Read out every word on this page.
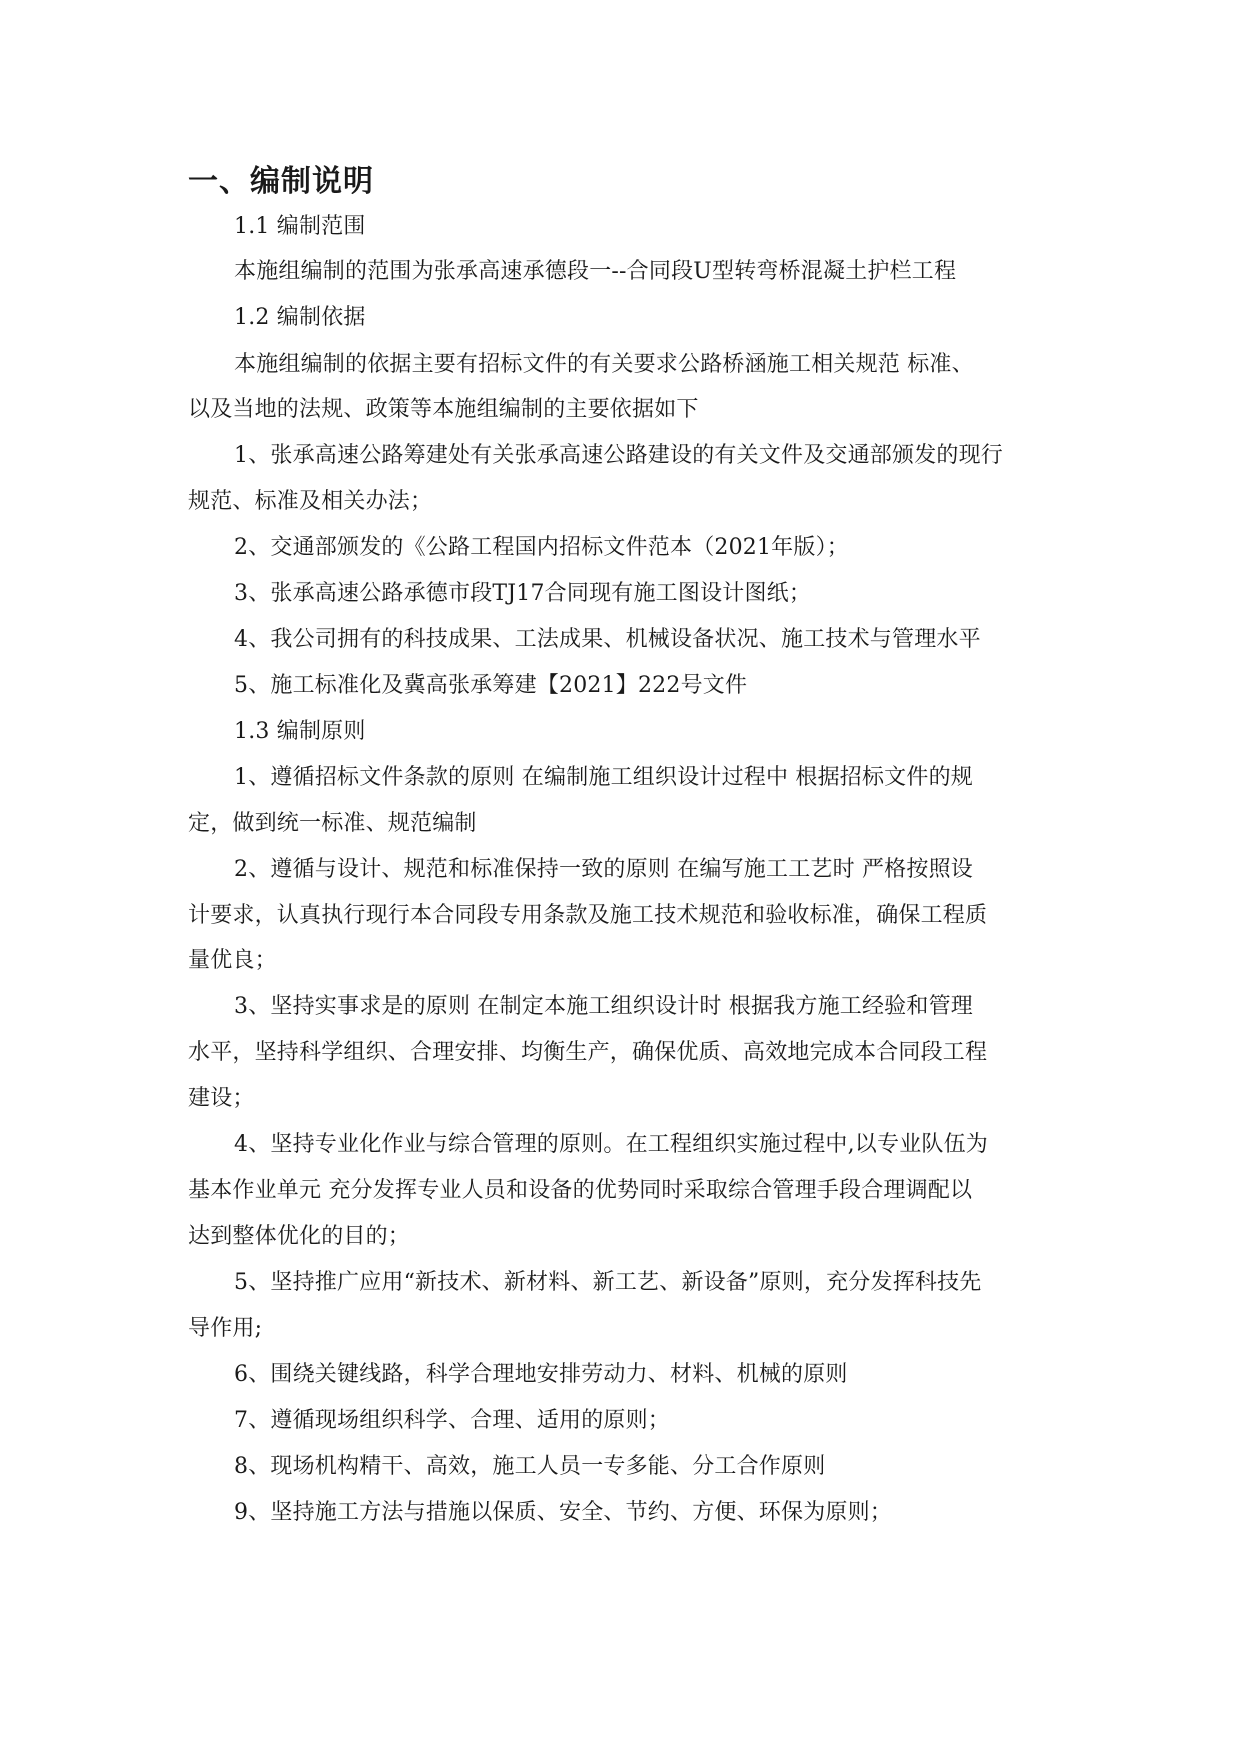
一、编制说明
1.1 编制范围
本施组编制的范围为张承高速承德段一--合同段U型转弯桥混凝土护栏工程
1.2 编制依据
本施组编制的依据主要有招标文件的有关要求公路桥涵施工相关规范 标准、
以及当地的法规、政策等本施组编制的主要依据如下
1、张承高速公路筹建处有关张承高速公路建设的有关文件及交通部颁发的现行
规范、标准及相关办法；
2、交通部颁发的《公路工程国内招标文件范本（2021年版）；
3、张承高速公路承德市段TJ17合同现有施工图设计图纸；
4、我公司拥有的科技成果、工法成果、机械设备状况、施工技术与管理水平
5、施工标准化及冀高张承筹建【2021】222号文件
1.3 编制原则
1、遵循招标文件条款的原则 在编制施工组织设计过程中 根据招标文件的规
定，做到统一标准、规范编制
2、遵循与设计、规范和标准保持一致的原则 在编写施工工艺时 严格按照设
计要求，认真执行现行本合同段专用条款及施工技术规范和验收标准，确保工程质
量优良；
3、坚持实事求是的原则 在制定本施工组织设计时 根据我方施工经验和管理
水平，坚持科学组织、合理安排、均衡生产，确保优质、高效地完成本合同段工程
建设；
4、坚持专业化作业与综合管理的原则。在工程组织实施过程中,以专业队伍为
基本作业单元 充分发挥专业人员和设备的优势同时采取综合管理手段合理调配以
达到整体优化的目的；
5、坚持推广应用“新技术、新材料、新工艺、新设备”原则，充分发挥科技先
导作用;
6、围绕关键线路，科学合理地安排劳动力、材料、机械的原则
7、遵循现场组织科学、合理、适用的原则；
8、现场机构精干、高效，施工人员一专多能、分工合作原则
9、坚持施工方法与措施以保质、安全、节约、方便、环保为原则；
